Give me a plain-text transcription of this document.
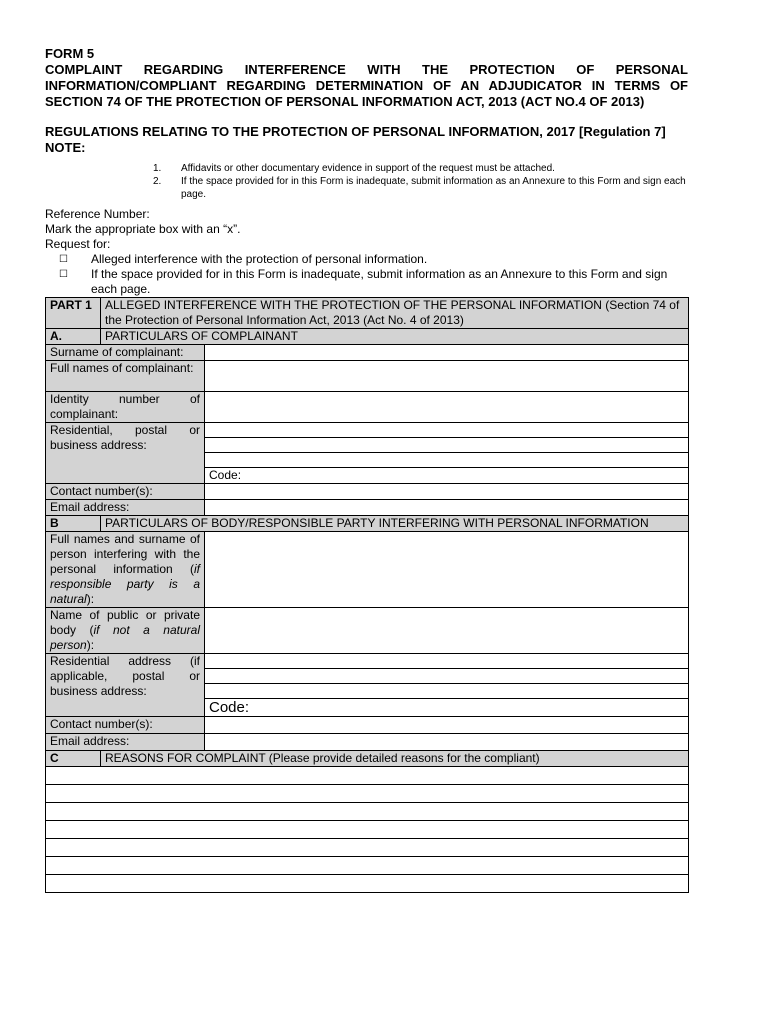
FORM 5
COMPLAINT REGARDING INTERFERENCE WITH THE PROTECTION OF PERSONAL INFORMATION/COMPLIANT REGARDING DETERMINATION OF AN ADJUDICATOR IN TERMS OF SECTION 74 OF THE PROTECTION OF PERSONAL INFORMATION ACT, 2013 (ACT NO.4 OF 2013)
REGULATIONS RELATING TO THE PROTECTION OF PERSONAL INFORMATION, 2017 [Regulation 7]
NOTE:
1.	Affidavits or other documentary evidence in support of the request must be attached.
2.	If the space provided for in this Form is inadequate, submit information as an Annexure to this Form and sign each page.
Reference Number:
Mark the appropriate box with an “x”.
Request for:
☐	Alleged interference with the protection of personal information.
☐	If the space provided for in this Form is inadequate, submit information as an Annexure to this Form and sign each page.
PART 1	ALLEGED INTERFERENCE WITH THE PROTECTION OF THE PERSONAL INFORMATION (Section 74 of the Protection of Personal Information Act, 2013 (Act No. 4 of 2013)	
A.	PARTICULARS OF COMPLAINANT	
Surname of complainant:		
Full names of complainant:		
Identity number of complainant:		
Residential, postal or business address:		

		Code:
Contact number(s):		
Email address:		
B	PARTICULARS OF BODY/RESPONSIBLE PARTY INTERFERING WITH PERSONAL INFORMATION	
Full names and surname of person interfering with the personal information (if responsible party is a natural):		
Name of public or private body (if not a natural person):		
Residential address (if applicable, postal or business address:		

		Code:
Contact number(s):		
Email address:		
C	REASONS FOR COMPLAINT (Please provide detailed reasons for the compliant)	
